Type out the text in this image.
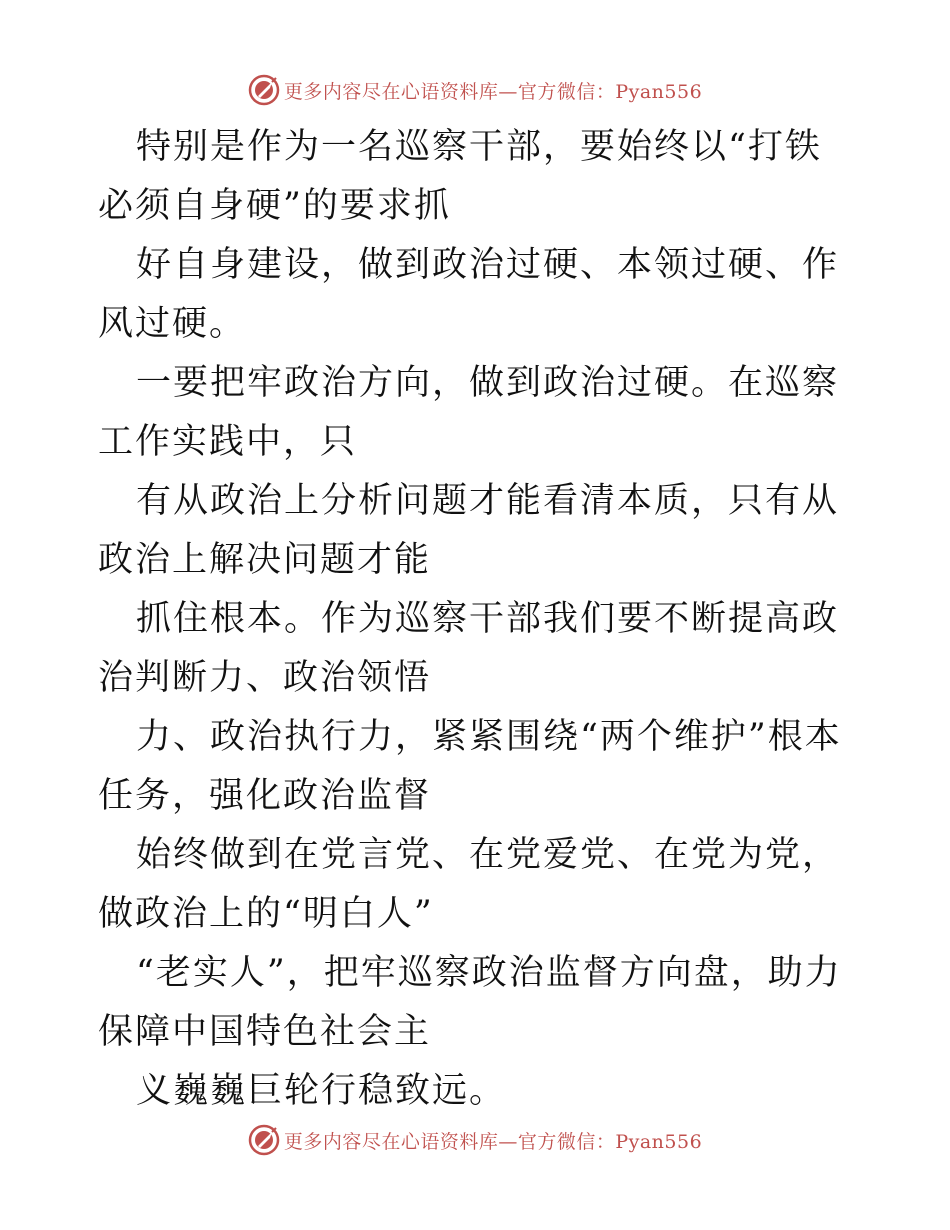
更多内容尽在心语资料库—官方微信：Pyan556

特别是作为一名巡察干部，要始终以“打铁必须自身硬”的要求抓

好自身建设，做到政治过硬、本领过硬、作风过硬。

一要把牢政治方向，做到政治过硬。在巡察工作实践中，只

有从政治上分析问题才能看清本质，只有从政治上解决问题才能

抓住根本。作为巡察干部我们要不断提高政治判断力、政治领悟

力、政治执行力，紧紧围绕“两个维护”根本任务，强化政治监督

始终做到在党言党、在党爱党、在党为党，做政治上的“明白人”

“老实人”，把牢巡察政治监督方向盘，助力保障中国特色社会主

义巍巍巨轮行稳致远。

更多内容尽在心语资料库—官方微信：Pyan556
